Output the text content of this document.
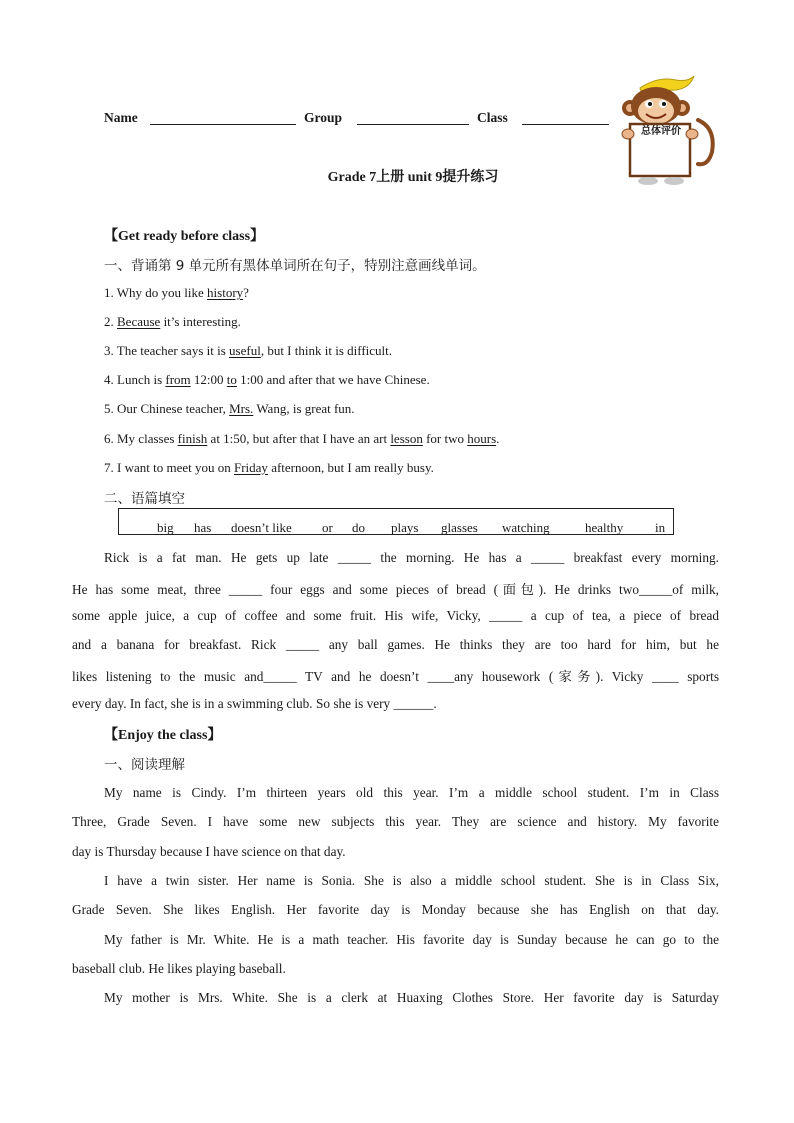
Name	Group	Class
总体评价
Grade 7上册 unit 9提升练习
【Get ready before class】
一、背诵第 9 单元所有黑体单词所在句子，特别注意画线单词。
1. Why do you like history?
2. Because it’s interesting.
3. The teacher says it is useful, but I think it is difficult.
4. Lunch is from 12:00 to 1:00 and after that we have Chinese.
5. Our Chinese teacher, Mrs. Wang, is great fun.
6. My classes finish at 1:50, but after that I have an art lesson for two hours.
7. I want to meet you on Friday afternoon, but I am really busy.
二、语篇填空
big has doesn’t like or do plays glasses watching	healthy in
Rick is a fat man. He gets up late _____ the morning. He has a _____ breakfast every morning.
He has some meat, three _____ four eggs and some pieces of bread (面包). He drinks two_____of milk,
some apple juice, a cup of coffee and some fruit. His wife, Vicky, _____ a cup of tea, a piece of bread
and a banana for breakfast. Rick _____ any ball games. He thinks they are too hard for him, but he
likes listening to the music and_____ TV and he doesn’t ____any housework (家务). Vicky ____ sports
every day. In fact, she is in a swimming club. So she is very ______.
【Enjoy the class】
一、阅读理解
My name is Cindy. I’m thirteen years old this year. I’m a middle school student. I’m in Class
Three, Grade Seven. I have some new subjects this year. They are science and history. My favorite
day is Thursday because I have science on that day.
I have a twin sister. Her name is Sonia. She is also a middle school student. She is in Class Six,
Grade Seven. She likes English. Her favorite day is Monday because she has English on that day.
My father is Mr. White. He is a math teacher. His favorite day is Sunday because he can go to the
baseball club. He likes playing baseball.
My mother is Mrs. White. She is a clerk at Huaxing Clothes Store. Her favorite day is Saturday
